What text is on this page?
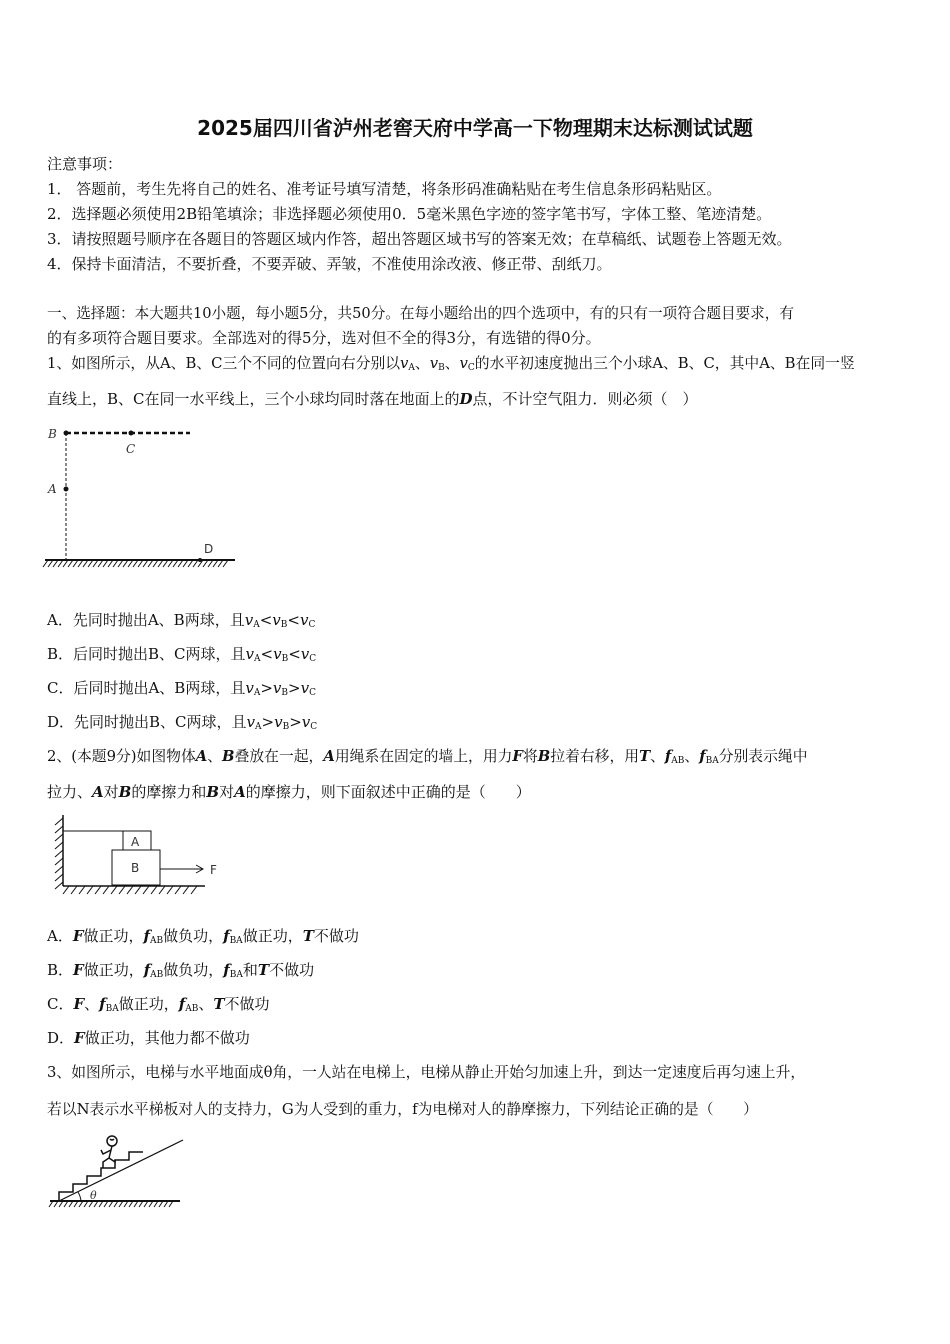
2025届四川省泸州老窖天府中学高一下物理期末达标测试试题
注意事项：
1． 答题前，考生先将自己的姓名、准考证号填写清楚，将条形码准确粘贴在考生信息条形码粘贴区。
2．选择题必须使用2B铅笔填涂；非选择题必须使用0．5毫米黑色字迹的签字笔书写，字体工整、笔迹清楚。
3．请按照题号顺序在各题目的答题区域内作答，超出答题区域书写的答案无效；在草稿纸、试题卷上答题无效。
4．保持卡面清洁，不要折叠，不要弄破、弄皱，不准使用涂改液、修正带、刮纸刀。
一、选择题：本大题共10小题，每小题5分，共50分。在每小题给出的四个选项中，有的只有一项符合题目要求，有
的有多项符合题目要求。全部选对的得5分，选对但不全的得3分，有选错的得0分。
1、如图所示，从A、B、C三个不同的位置向右分别以$v_A$、$v_B$、$v_C$的水平初速度抛出三个小球A、B、C，其中A、B在同一竖
直线上，B、C在同一水平线上，三个小球均同时落在地面上的D点，不计空气阻力．则必须（　）
B
C
A
D
A．先同时抛出A、B两球，且$v_A<v_B<v_C$
B．后同时抛出B、C两球，且$v_A<v_B<v_C$
C．后同时抛出A、B两球，且$v_A>v_B>v_C$
D．先同时抛出B、C两球，且$v_A>v_B>v_C$
2、(本题9分)如图物体A、B叠放在一起，A用绳系在固定的墙上，用力F将B拉着右移，用T、$f_{AB}$、$f_{BA}$分别表示绳中
拉力、A对B的摩擦力和B对A的摩擦力，则下面叙述中正确的是（　　）
A
B	F
A．F做正功，$f_{AB}$做负功，$f_{BA}$做正功，T不做功
B．F做正功，$f_{AB}$做负功，$f_{BA}$和T不做功
C．F、$f_{BA}$做正功，$f_{AB}$、T不做功
D．F做正功，其他力都不做功
3、如图所示，电梯与水平地面成θ角，一人站在电梯上，电梯从静止开始匀加速上升，到达一定速度后再匀速上升，
若以N表示水平梯板对人的支持力，G为人受到的重力，f为电梯对人的静摩擦力，下列结论正确的是（　　）
θ
